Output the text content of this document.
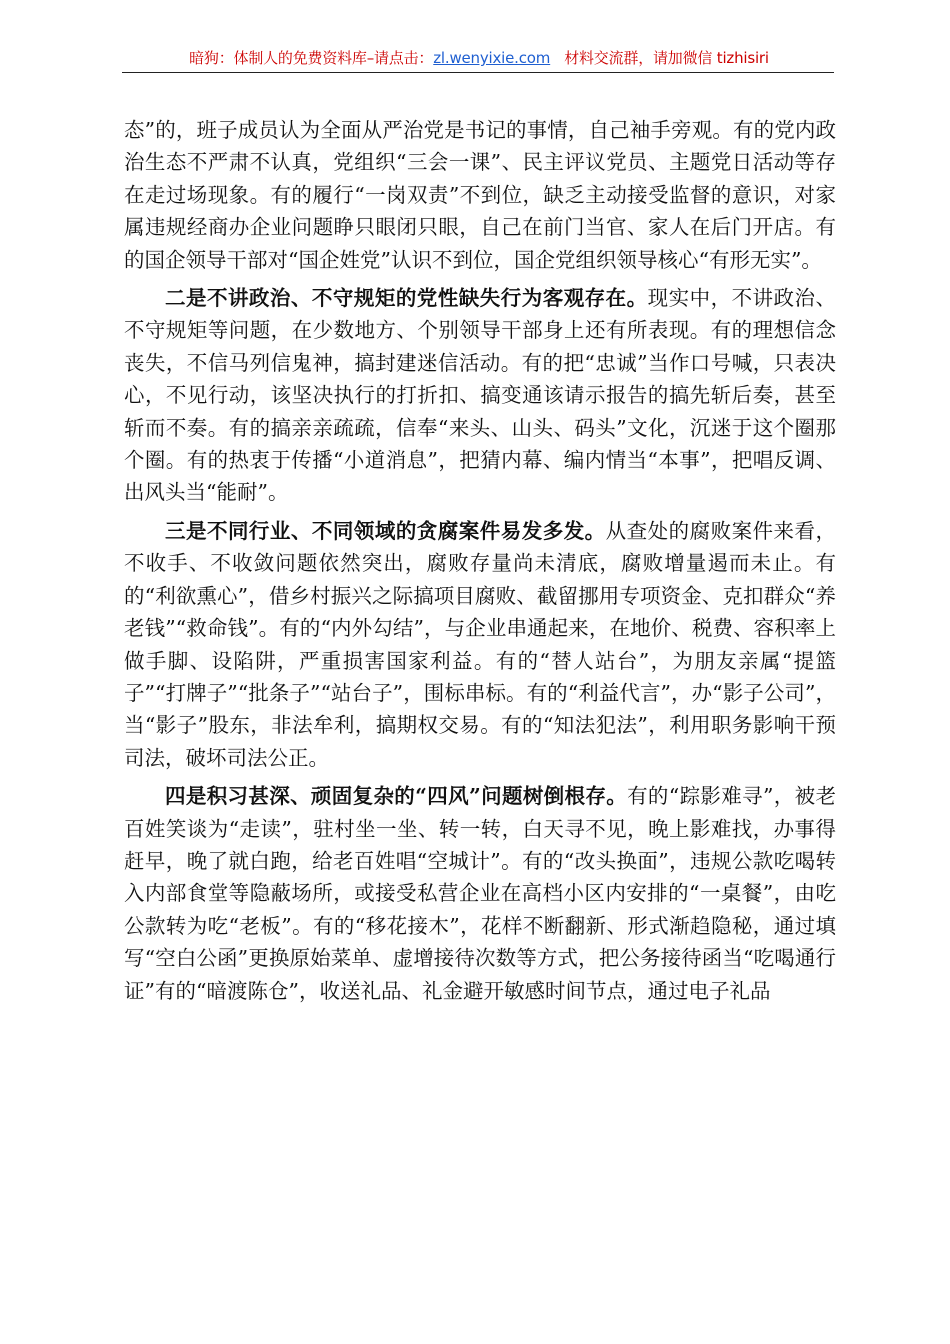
暗狗：体制人的免费资料库–请点击：zl.wenyixie.com 材料交流群，请加微信 tizhisiri

态”的，班子成员认为全面从严治党是书记的事情，自己袖手旁观。有的党内政治生态不严肃不认真，党组织“三会一课”、民主评议党员、主题党日活动等存在走过场现象。有的履行“一岗双责”不到位，缺乏主动接受监督的意识，对家属违规经商办企业问题睁只眼闭只眼，自己在前门当官、家人在后门开店。有的国企领导干部对“国企姓党”认识不到位，国企党组织领导核心“有形无实”。

二是不讲政治、不守规矩的党性缺失行为客观存在。现实中，不讲政治、不守规矩等问题，在少数地方、个别领导干部身上还有所表现。有的理想信念丧失，不信马列信鬼神，搞封建迷信活动。有的把“忠诚”当作口号喊，只表决心，不见行动，该坚决执行的打折扣、搞变通该请示报告的搞先斩后奏，甚至斩而不奏。有的搞亲亲疏疏，信奉“来头、山头、码头”文化，沉迷于这个圈那个圈。有的热衷于传播“小道消息”，把猜内幕、编内情当“本事”，把唱反调、出风头当“能耐”。

三是不同行业、不同领域的贪腐案件易发多发。从查处的腐败案件来看，不收手、不收敛问题依然突出，腐败存量尚未清底，腐败增量遏而未止。有的“利欲熏心”，借乡村振兴之际搞项目腐败、截留挪用专项资金、克扣群众“养老钱”“救命钱”。有的“内外勾结”，与企业串通起来，在地价、税费、容积率上做手脚、设陷阱，严重损害国家利益。有的“替人站台”，为朋友亲属“提篮子”“打牌子”“批条子”“站台子”，围标串标。有的“利益代言”，办“影子公司”，当“影子”股东，非法牟利，搞期权交易。有的“知法犯法”，利用职务影响干预司法，破坏司法公正。

四是积习甚深、顽固复杂的“四风”问题树倒根存。有的“踪影难寻”，被老百姓笑谈为“走读”，驻村坐一坐、转一转，白天寻不见，晚上影难找，办事得赶早，晚了就白跑，给老百姓唱“空城计”。有的“改头换面”，违规公款吃喝转入内部食堂等隐蔽场所，或接受私营企业在高档小区内安排的“一桌餐”，由吃公款转为吃“老板”。有的“移花接木”，花样不断翻新、形式渐趋隐秘，通过填写“空白公函”更换原始菜单、虚增接待次数等方式，把公务接待函当“吃喝通行证”有的“暗渡陈仓”，收送礼品、礼金避开敏感时间节点，通过电子礼品
